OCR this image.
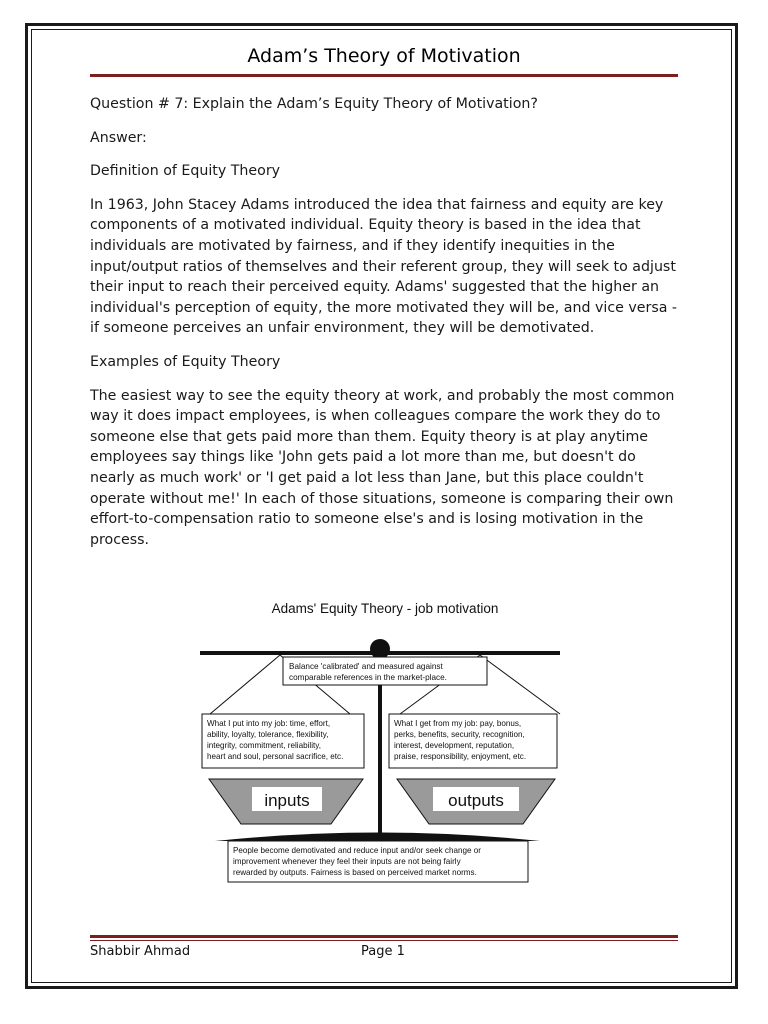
Adam’s Theory of Motivation

Question # 7: Explain the Adam’s Equity Theory of Motivation?

Answer:

Definition of Equity Theory

In 1963, John Stacey Adams introduced the idea that fairness and equity are key components of a motivated individual. Equity theory is based in the idea that individuals are motivated by fairness, and if they identify inequities in the input/output ratios of themselves and their referent group, they will seek to adjust their input to reach their perceived equity. Adams' suggested that the higher an individual's perception of equity, the more motivated they will be, and vice versa - if someone perceives an unfair environment, they will be demotivated.

Examples of Equity Theory

The easiest way to see the equity theory at work, and probably the most common way it does impact employees, is when colleagues compare the work they do to someone else that gets paid more than them. Equity theory is at play anytime employees say things like 'John gets paid a lot more than me, but doesn't do nearly as much work' or 'I get paid a lot less than Jane, but this place couldn't operate without me!' In each of those situations, someone is comparing their own effort-to-compensation ratio to someone else's and is losing motivation in the process.

Adams' Equity Theory - job motivation
Balance 'calibrated' and measured against
comparable references in the market-place.
What I put into my job: time, effort,
ability, loyalty, tolerance, flexibility,
integrity, commitment, reliability,
heart and soul, personal sacrifice, etc.
What I get from my job: pay, bonus,
perks, benefits, security, recognition,
interest, development, reputation,
praise, responsibility, enjoyment, etc.
inputs	outputs
People become demotivated and reduce input and/or seek change or
improvement whenever they feel their inputs are not being fairly
rewarded by outputs. Fairness is based on perceived market norms.
Shabbir Ahmad	Page 1
